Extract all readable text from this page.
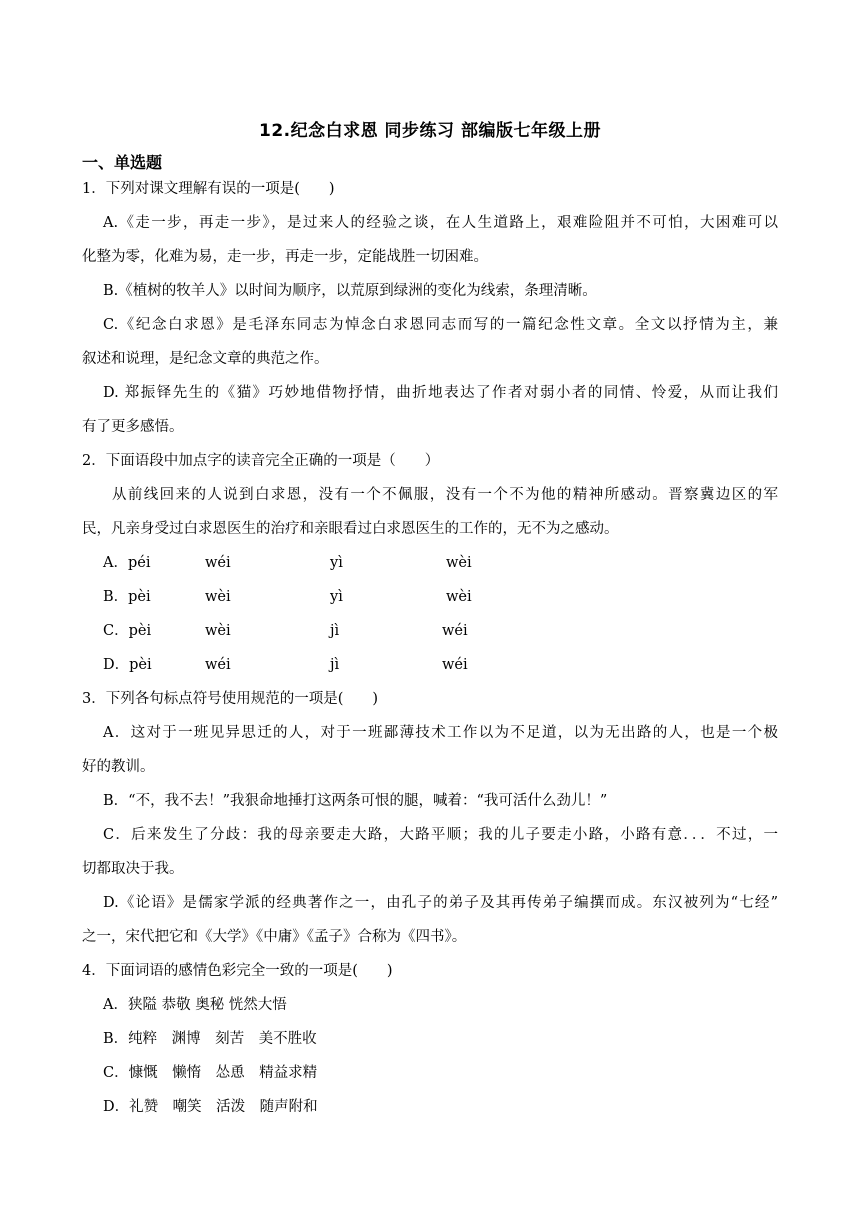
12.纪念白求恩 同步练习 部编版七年级上册
一、单选题
1．下列对课文理解有误的一项是(　　)
A.《走一步，再走一步》，是过来人的经验之谈，在人生道路上，艰难险阻并不可怕，大困难可以
化整为零，化难为易，走一步，再走一步，定能战胜一切困难。
B.《植树的牧羊人》以时间为顺序，以荒原到绿洲的变化为线索，条理清晰。
C.《纪念白求恩》是毛泽东同志为悼念白求恩同志而写的一篇纪念性文章。全文以抒情为主，兼
叙述和说理，是纪念文章的典范之作。
D. 郑振铎先生的《猫》巧妙地借物抒情，曲折地表达了作者对弱小者的同情、怜爱，从而让我们
有了更多感悟。
2．下面语段中加点字的读音完全正确的一项是（　　）
从前线回来的人说到白求恩，没有一个不佩服，没有一个不为他的精神所感动。晋察冀边区的军
民，凡亲身受过白求恩医生的治疗和亲眼看过白求恩医生的工作的，无不为之感动。
A．péi	wéi	yì	wèi
B．pèi	wèi	yì	wèi
C．pèi	wèi	jì	wéi
D．pèi	wéi	jì	wéi
3．下列各句标点符号使用规范的一项是(　　)
A．这对于一班见异思迁的人，对于一班鄙薄技术工作以为不足道，以为无出路的人，也是一个极
好的教训。
B．“不，我不去！”我狠命地捶打这两条可恨的腿，喊着：“我可活什么劲儿！”
C．后来发生了分歧：我的母亲要走大路，大路平顺；我的儿子要走小路，小路有意．．．不过，一
切都取决于我。
D.《论语》是儒家学派的经典著作之一，由孔子的弟子及其再传弟子编撰而成。东汉被列为“七经”
之一，宋代把它和《大学》《中庸》《孟子》合称为《四书》。
4．下面词语的感情色彩完全一致的一项是(　　)
A．狭隘 恭敬 奥秘 恍然大悟
B．纯粹　渊博　刻苦　美不胜收
C．慷慨　懒惰　怂恿　精益求精
D．礼赞　嘲笑　活泼　随声附和
